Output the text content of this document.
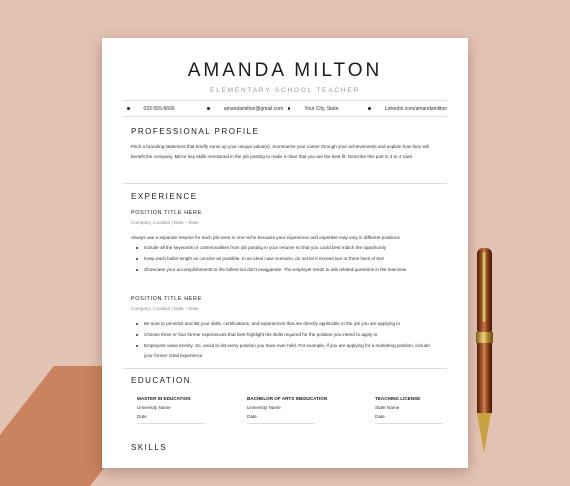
AMANDA MILTON
ELEMENTARY SCHOOL TEACHER
033-555-6666	amandamilton@gmail.com	Your City, State	Linkedin.com/amandamilton
PROFESSIONAL PROFILE
Pitch a branding statement that briefly sums up your unique value(s). Summarize your career through your achievements and explain how they will benefit the company. Mirror key skills mentioned in the job posting to make it clear that you are the best fit. Describe this part in 3 to 4 rows
EXPERIENCE
POSITION TITLE HERE
Company, Location | Date – Date
Always use a separate resume for each job even in one niche because your experience and expertise may vary in different positions
Include all the keywords or commonalities from job posting in your resume so that you could best match the opportunity
Keep each bullet length as concise as possible. In an ideal case scenario, do not let it exceed two or three lines of text
Showcase your accomplishments to the fullest but don't exaggerate. The employer tends to ask related questions in the interview
POSITION TITLE HERE
Company, Location | Date – Date
Be sure to prioritize and list your skills, certifications, and experiences that are directly applicable to the job you are applying to
Choose three or four former experiences that best highlight the skills required for the position you intend to apply to
Employers value brevity. So, avoid to list every position you have ever held. For example, if you are applying for a marketing position, include your former retail experience
EDUCATION
MASTER IN EDUCATION
University Name
Date
BACHELOR OF ARTS INEDUCATION
University Name
Date
TEACHING LICENSE
State Name
Date
SKILLS
